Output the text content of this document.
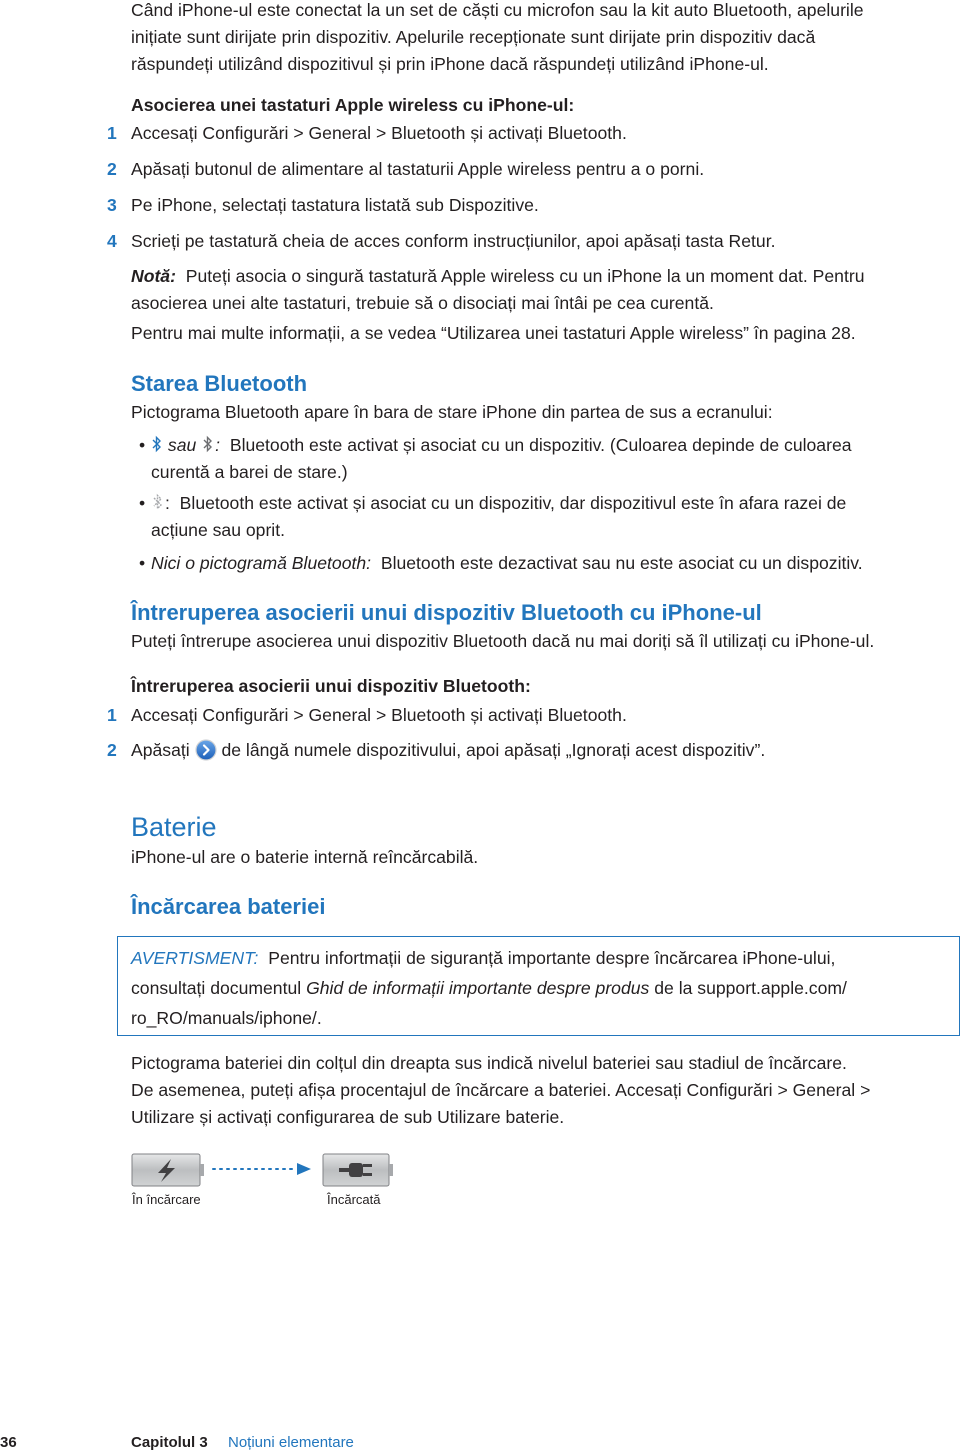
Când iPhone-ul este conectat la un set de căști cu microfon sau la kit auto Bluetooth, apelurile

inițiate sunt dirijate prin dispozitiv. Apelurile recepționate sunt dirijate prin dispozitiv dacă

răspundeți utilizând dispozitivul și prin iPhone dacă răspundeți utilizând iPhone-ul.

Asocierea unei tastaturi Apple wireless cu iPhone-ul:
1 Accesați Configurări > General > Bluetooth și activați Bluetooth.
2 Apăsați butonul de alimentare al tastaturii Apple wireless pentru a o porni.
3 Pe iPhone, selectați tastatura listată sub Dispozitive.
4 Scrieți pe tastatură cheia de acces conform instrucțiunilor, apoi apăsați tasta Retur.

Notă: Puteți asocia o singură tastatură Apple wireless cu un iPhone la un moment dat. Pentru

asocierea unei alte tastaturi, trebuie să o disociați mai întâi pe cea curentă.

Pentru mai multe informații, a se vedea “Utilizarea unei tastaturi Apple wireless” în pagina 28.
Starea Bluetooth
Pictograma Bluetooth apare în bara de stare iPhone din partea de sus a ecranului:
•	sau : Bluetooth este activat și asociat cu un dispozitiv. (Culoarea depinde de culoarea

curentă a barei de stare.)

•	: Bluetooth este activat și asociat cu un dispozitiv, dar dispozitivul este în afara razei de

acțiune sau oprit.

• Nici o pictogramă Bluetooth: Bluetooth este dezactivat sau nu este asociat cu un dispozitiv.

Întreruperea asocierii unui dispozitiv Bluetooth cu iPhone-ul
Puteți întrerupe asocierea unui dispozitiv Bluetooth dacă nu mai doriți să îl utilizați cu iPhone-ul.
Întreruperea asocierii unui dispozitiv Bluetooth:
1 Accesați Configurări > General > Bluetooth și activați Bluetooth.
2 Apăsați de lângă numele dispozitivului, apoi apăsați „Ignorați acest dispozitiv”.
Baterie
iPhone-ul are o baterie internă reîncărcabilă.
Încărcarea bateriei

AVERTISMENT: Pentru infortmații de siguranță importante despre încărcarea iPhone-ului,

consultați documentul Ghid de informații importante despre produs de la support.apple.com/

ro_RO/manuals/iphone/.

Pictograma bateriei din colțul din dreapta sus indică nivelul bateriei sau stadiul de încărcare.

De asemenea, puteți afișa procentajul de încărcare a bateriei. Accesați Configurări > General >

Utilizare și activați configurarea de sub Utilizare baterie.

În încărcare	Încărcată
36	Capitolul 3 Noțiuni elementare
